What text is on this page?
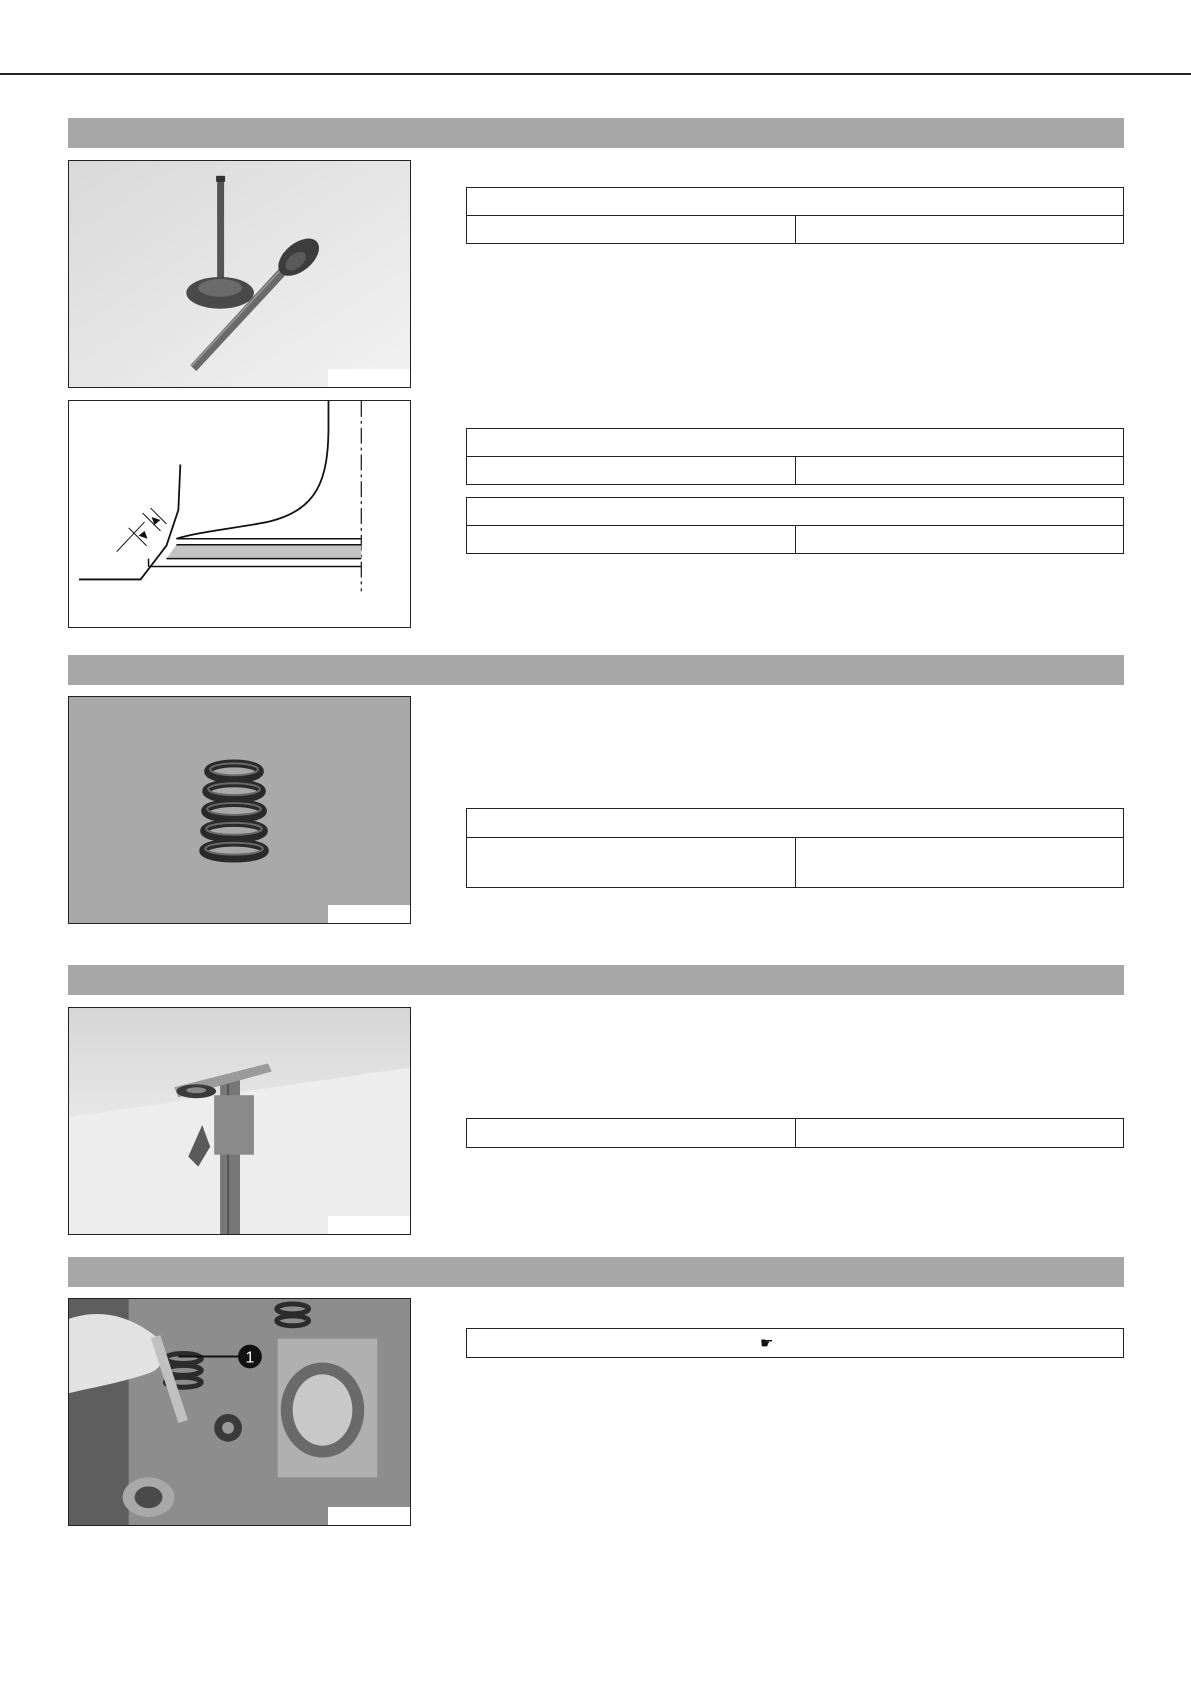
1
☛
